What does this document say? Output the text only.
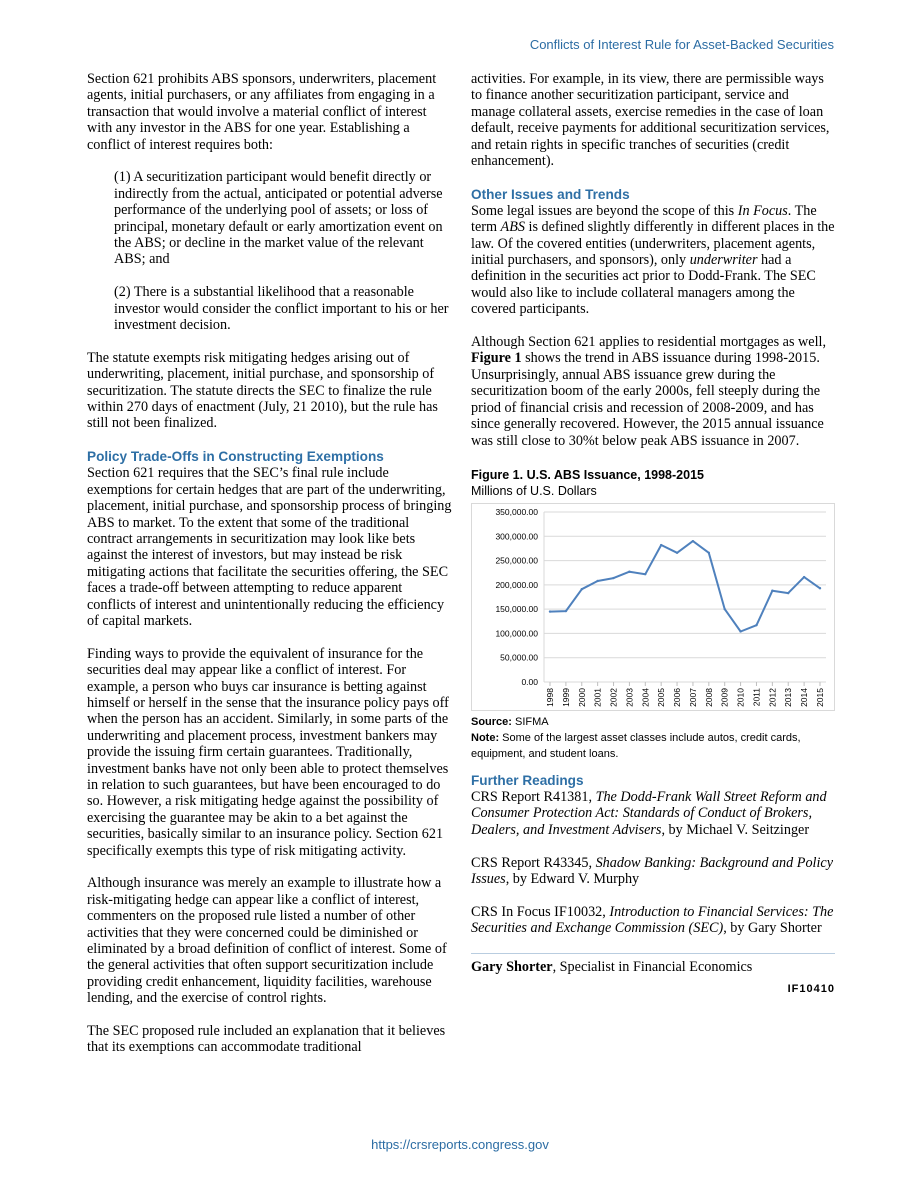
Conflicts of Interest Rule for Asset-Backed Securities

Section 621 prohibits ABS sponsors, underwriters, placement agents, initial purchasers, or any affiliates from engaging in a transaction that would involve a material conflict of interest with any investor in the ABS for one year. Establishing a conflict of interest requires both:

(1) A securitization participant would benefit directly or indirectly from the actual, anticipated or potential adverse performance of the underlying pool of assets; or loss of principal, monetary default or early amortization event on the ABS; or decline in the market value of the relevant ABS; and

(2) There is a substantial likelihood that a reasonable investor would consider the conflict important to his or her investment decision.

The statute exempts risk mitigating hedges arising out of underwriting, placement, initial purchase, and sponsorship of securitization. The statute directs the SEC to finalize the rule within 270 days of enactment (July, 21 2010), but the rule has still not been finalized.

Policy Trade-Offs in Constructing Exemptions

Section 621 requires that the SEC’s final rule include exemptions for certain hedges that are part of the underwriting, placement, initial purchase, and sponsorship process of bringing ABS to market. To the extent that some of the traditional contract arrangements in securitization may look like bets against the interest of investors, but may instead be risk mitigating actions that facilitate the securities offering, the SEC faces a trade-off between attempting to reduce apparent conflicts of interest and unintentionally reducing the efficiency of capital markets.

Finding ways to provide the equivalent of insurance for the securities deal may appear like a conflict of interest. For example, a person who buys car insurance is betting against himself or herself in the sense that the insurance policy pays off when the person has an accident. Similarly, in some parts of the underwriting and placement process, investment bankers may provide the issuing firm certain guarantees. Traditionally, investment banks have not only been able to protect themselves in relation to such guarantees, but have been encouraged to do so. However, a risk mitigating hedge against the possibility of exercising the guarantee may be akin to a bet against the securities, basically similar to an insurance policy. Section 621 specifically exempts this type of risk mitigating activity.

Although insurance was merely an example to illustrate how a risk-mitigating hedge can appear like a conflict of interest, commenters on the proposed rule listed a number of other activities that they were concerned could be diminished or eliminated by a broad definition of conflict of interest. Some of the general activities that often support securitization include providing credit enhancement, liquidity facilities, warehouse lending, and the exercise of control rights.

The SEC proposed rule included an explanation that it believes that its exemptions can accommodate traditional

activities. For example, in its view, there are permissible ways to finance another securitization participant, service and manage collateral assets, exercise remedies in the case of loan default, receive payments for additional securitization services, and retain rights in specific tranches of securities (credit enhancement).

Other Issues and Trends

Some legal issues are beyond the scope of this In Focus. The term ABS is defined slightly differently in different places in the law. Of the covered entities (underwriters, placement agents, initial purchasers, and sponsors), only underwriter had a definition in the securities act prior to Dodd-Frank. The SEC would also like to include collateral managers among the covered participants.

Although Section 621 applies to residential mortgages as well, Figure 1 shows the trend in ABS issuance during 1998-2015. Unsurprisingly, annual ABS issuance grew during the securitization boom of the early 2000s, fell steeply during the priod of financial crisis and recession of 2008-2009, and has since generally recovered. However, the 2015 annual issuance was still close to 30%t below peak ABS issuance in 2007.

Figure 1. U.S. ABS Issuance, 1998-2015
Millions of U.S. Dollars
0.00
50,000.00
100,000.00
150,000.00
200,000.00
250,000.00
300,000.00
350,000.00
1998 1999 2000 2001 2002 2003 2004 2005 2006 2007 2008 2009 2010 2011 2012 2013 2014 2015
Source: SIFMA
Note: Some of the largest asset classes include autos, credit cards, equipment, and student loans.
Further Readings

CRS Report R41381, The Dodd-Frank Wall Street Reform and Consumer Protection Act: Standards of Conduct of Brokers, Dealers, and Investment Advisers, by Michael V. Seitzinger

CRS Report R43345, Shadow Banking: Background and Policy Issues, by Edward V. Murphy

CRS In Focus IF10032, Introduction to Financial Services: The Securities and Exchange Commission (SEC), by Gary Shorter

Gary Shorter, Specialist in Financial Economics
IF10410
https://crsreports.congress.gov
